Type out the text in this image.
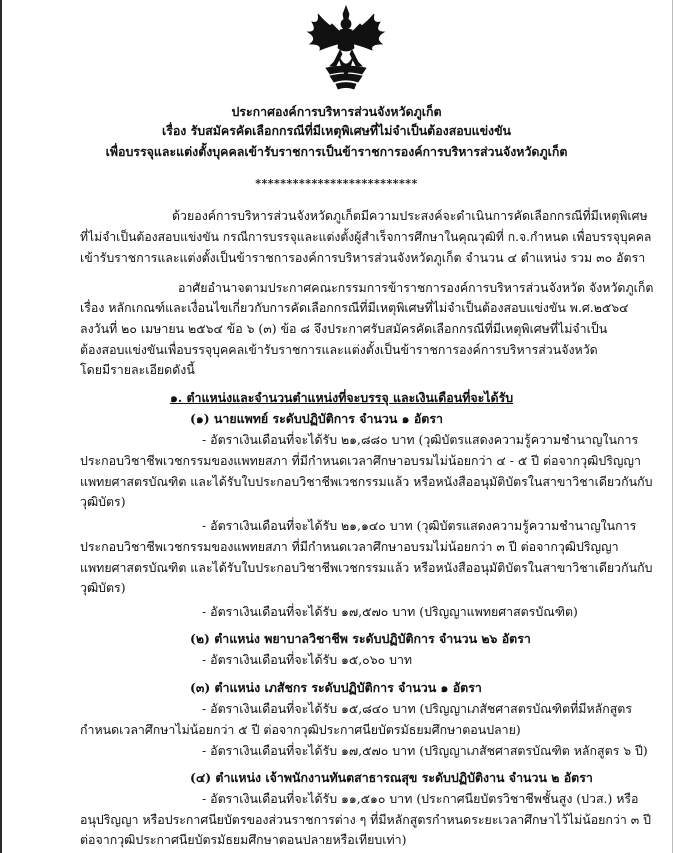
ประกาศองค์การบริหารส่วนจังหวัดภูเก็ต
เรื่อง รับสมัครคัดเลือกกรณีที่มีเหตุพิเศษที่ไม่จำเป็นต้องสอบแข่งขัน
เพื่อบรรจุและแต่งตั้งบุคคลเข้ารับราชการเป็นข้าราชการองค์การบริหารส่วนจังหวัดภูเก็ต
**************************
ด้วยองค์การบริหารส่วนจังหวัดภูเก็ตมีความประสงค์จะดำเนินการคัดเลือกกรณีที่มีเหตุพิเศษ
ที่ไม่จำเป็นต้องสอบแข่งขัน กรณีการบรรจุและแต่งตั้งผู้สำเร็จการศึกษาในคุณวุฒิที่ ก.จ.กำหนด เพื่อบรรจุบุคคล
เข้ารับราชการและแต่งตั้งเป็นข้าราชการองค์การบริหารส่วนจังหวัดภูเก็ต จำนวน ๔ ตำแหน่ง รวม ๓๐ อัตรา
อาศัยอำนาจตามประกาศคณะกรรมการข้าราชการองค์การบริหารส่วนจังหวัด จังหวัดภูเก็ต
เรื่อง หลักเกณฑ์และเงื่อนไขเกี่ยวกับการคัดเลือกกรณีที่มีเหตุพิเศษที่ไม่จำเป็นต้องสอบแข่งขัน พ.ศ.๒๕๖๔
ลงวันที่ ๒๐ เมษายน ๒๕๖๔ ข้อ ๖ (๓) ข้อ ๘ จึงประกาศรับสมัครคัดเลือกกรณีที่มีเหตุพิเศษที่ไม่จำเป็น
ต้องสอบแข่งขันเพื่อบรรจุบุคคลเข้ารับราชการและแต่งตั้งเป็นข้าราชการองค์การบริหารส่วนจังหวัด
โดยมีรายละเอียดดังนี้
๑. ตำแหน่งและจำนวนตำแหน่งที่จะบรรจุ และเงินเดือนที่จะได้รับ
(๑) นายแพทย์ ระดับปฏิบัติการ จำนวน ๑ อัตรา
- อัตราเงินเดือนที่จะได้รับ ๒๑,๘๘๐ บาท (วุฒิบัตรแสดงความรู้ความชำนาญในการ
ประกอบวิชาชีพเวชกรรมของแพทยสภา ที่มีกำหนดเวลาศึกษาอบรมไม่น้อยกว่า ๔ - ๕ ปี ต่อจากวุฒิปริญญา
แพทยศาสตรบัณฑิต และได้รับใบประกอบวิชาชีพเวชกรรมแล้ว หรือหนังสืออนุมัติบัตรในสาขาวิชาเดียวกันกับ
วุฒิบัตร)
- อัตราเงินเดือนที่จะได้รับ ๒๑,๑๔๐ บาท (วุฒิบัตรแสดงความรู้ความชำนาญในการ
ประกอบวิชาชีพเวชกรรมของแพทยสภา ที่มีกำหนดเวลาศึกษาอบรมไม่น้อยกว่า ๓ ปี ต่อจากวุฒิปริญญา
แพทยศาสตรบัณฑิต และได้รับใบประกอบวิชาชีพเวชกรรมแล้ว หรือหนังสืออนุมัติบัตรในสาขาวิชาเดียวกันกับ
วุฒิบัตร)
- อัตราเงินเดือนที่จะได้รับ ๑๗,๕๗๐ บาท (ปริญญาแพทยศาสตรบัณฑิต)
(๒) ตำแหน่ง พยาบาลวิชาชีพ ระดับปฏิบัติการ จำนวน ๒๖ อัตรา
- อัตราเงินเดือนที่จะได้รับ ๑๕,๐๖๐ บาท
(๓) ตำแหน่ง เภสัชกร ระดับปฏิบัติการ จำนวน ๑ อัตรา
- อัตราเงินเดือนที่จะได้รับ ๑๕,๘๔๐ บาท (ปริญญาเภสัชศาสตรบัณฑิตที่มีหลักสูตร
กำหนดเวลาศึกษาไม่น้อยกว่า ๕ ปี ต่อจากวุฒิประกาศนียบัตรมัธยมศึกษาตอนปลาย)
- อัตราเงินเดือนที่จะได้รับ ๑๗,๕๗๐ บาท (ปริญญาเภสัชศาสตรบัณฑิต หลักสูตร ๖ ปี)
(๔) ตำแหน่ง เจ้าพนักงานทันตสาธารณสุข ระดับปฏิบัติงาน จำนวน ๒ อัตรา
- อัตราเงินเดือนที่จะได้รับ ๑๑,๕๑๐ บาท (ประกาศนียบัตรวิชาชีพชั้นสูง (ปวส.) หรือ
อนุปริญญา หรือประกาศนียบัตรของส่วนราชการต่าง ๆ ที่มีหลักสูตรกำหนดระยะเวลาศึกษาไว้ไม่น้อยกว่า ๓ ปี
ต่อจากวุฒิประกาศนียบัตรมัธยมศึกษาตอนปลายหรือเทียบเท่า)
